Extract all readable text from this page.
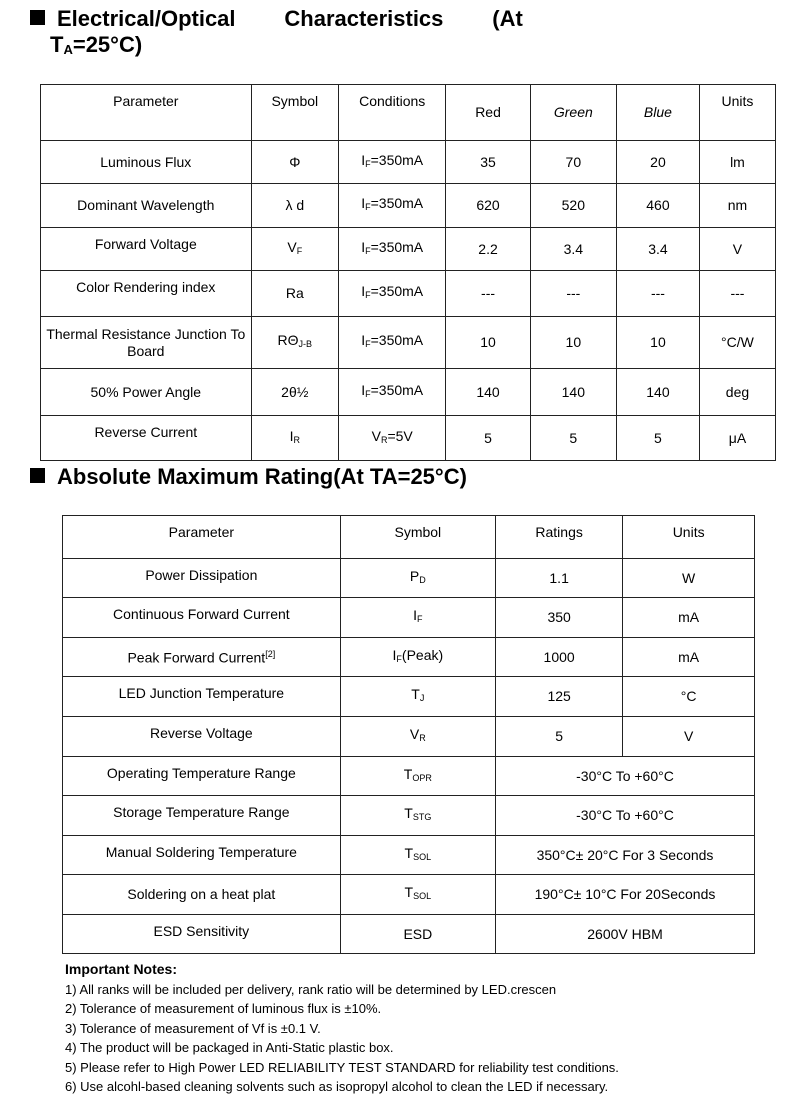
Electrical/Optical        Characteristics        (At
$T_A=25^\circ C$)
Parameter	Symbol	Conditions	Red	Green	Blue	Units
Luminous Flux	Φ	$I_F=350mA$	35	70	20	lm
Dominant Wavelength	λ d	$I_F=350mA$	620	520	460	nm
Forward Voltage	$V_F$	$I_F=350mA$	2.2	3.4	3.4	V
Color Rendering index	Ra	$I_F=350mA$	---	---	---	---
Thermal Resistance Junction To Board	$R\Theta_{J-B}$	$I_F=350mA$	10	10	10	°C/W
50% Power Angle	2θ½	$I_F=350mA$	140	140	140	deg
Reverse Current	$I_R$	$V_R=5V$	5	5	5	μA
Absolute Maximum Rating(At TA=25°C)
Parameter	Symbol	Ratings	Units
Power Dissipation	$P_D$	1.1	W
Continuous Forward Current	$I_F$	350	mA
Peak Forward Current[2]	$I_F(Peak)$	1000	mA
LED Junction Temperature	$T_J$	125	°C
Reverse Voltage	$V_R$	5	V
Operating Temperature Range	$T_{OPR}$	-30°C To +60°C	
Storage Temperature Range	$T_{STG}$	-30°C To +60°C	
Manual Soldering Temperature	$T_{SOL}$	350°C± 20°C For 3 Seconds	
Soldering on a heat plat	$T_{SOL}$	190°C± 10°C For 20Seconds	
ESD Sensitivity	ESD	2600V HBM	
Important Notes:
1) All ranks will be included per delivery, rank ratio will be determined by LED.crescen
2) Tolerance of measurement of luminous flux is ±10%.
3) Tolerance of measurement of Vf is ±0.1 V.
4) The product will be packaged in Anti-Static plastic box.
5) Please refer to High Power LED RELIABILITY TEST STANDARD for reliability test conditions.
6) Use alcohl-based cleaning solvents such as isopropyl alcohol to clean the LED if necessary.
